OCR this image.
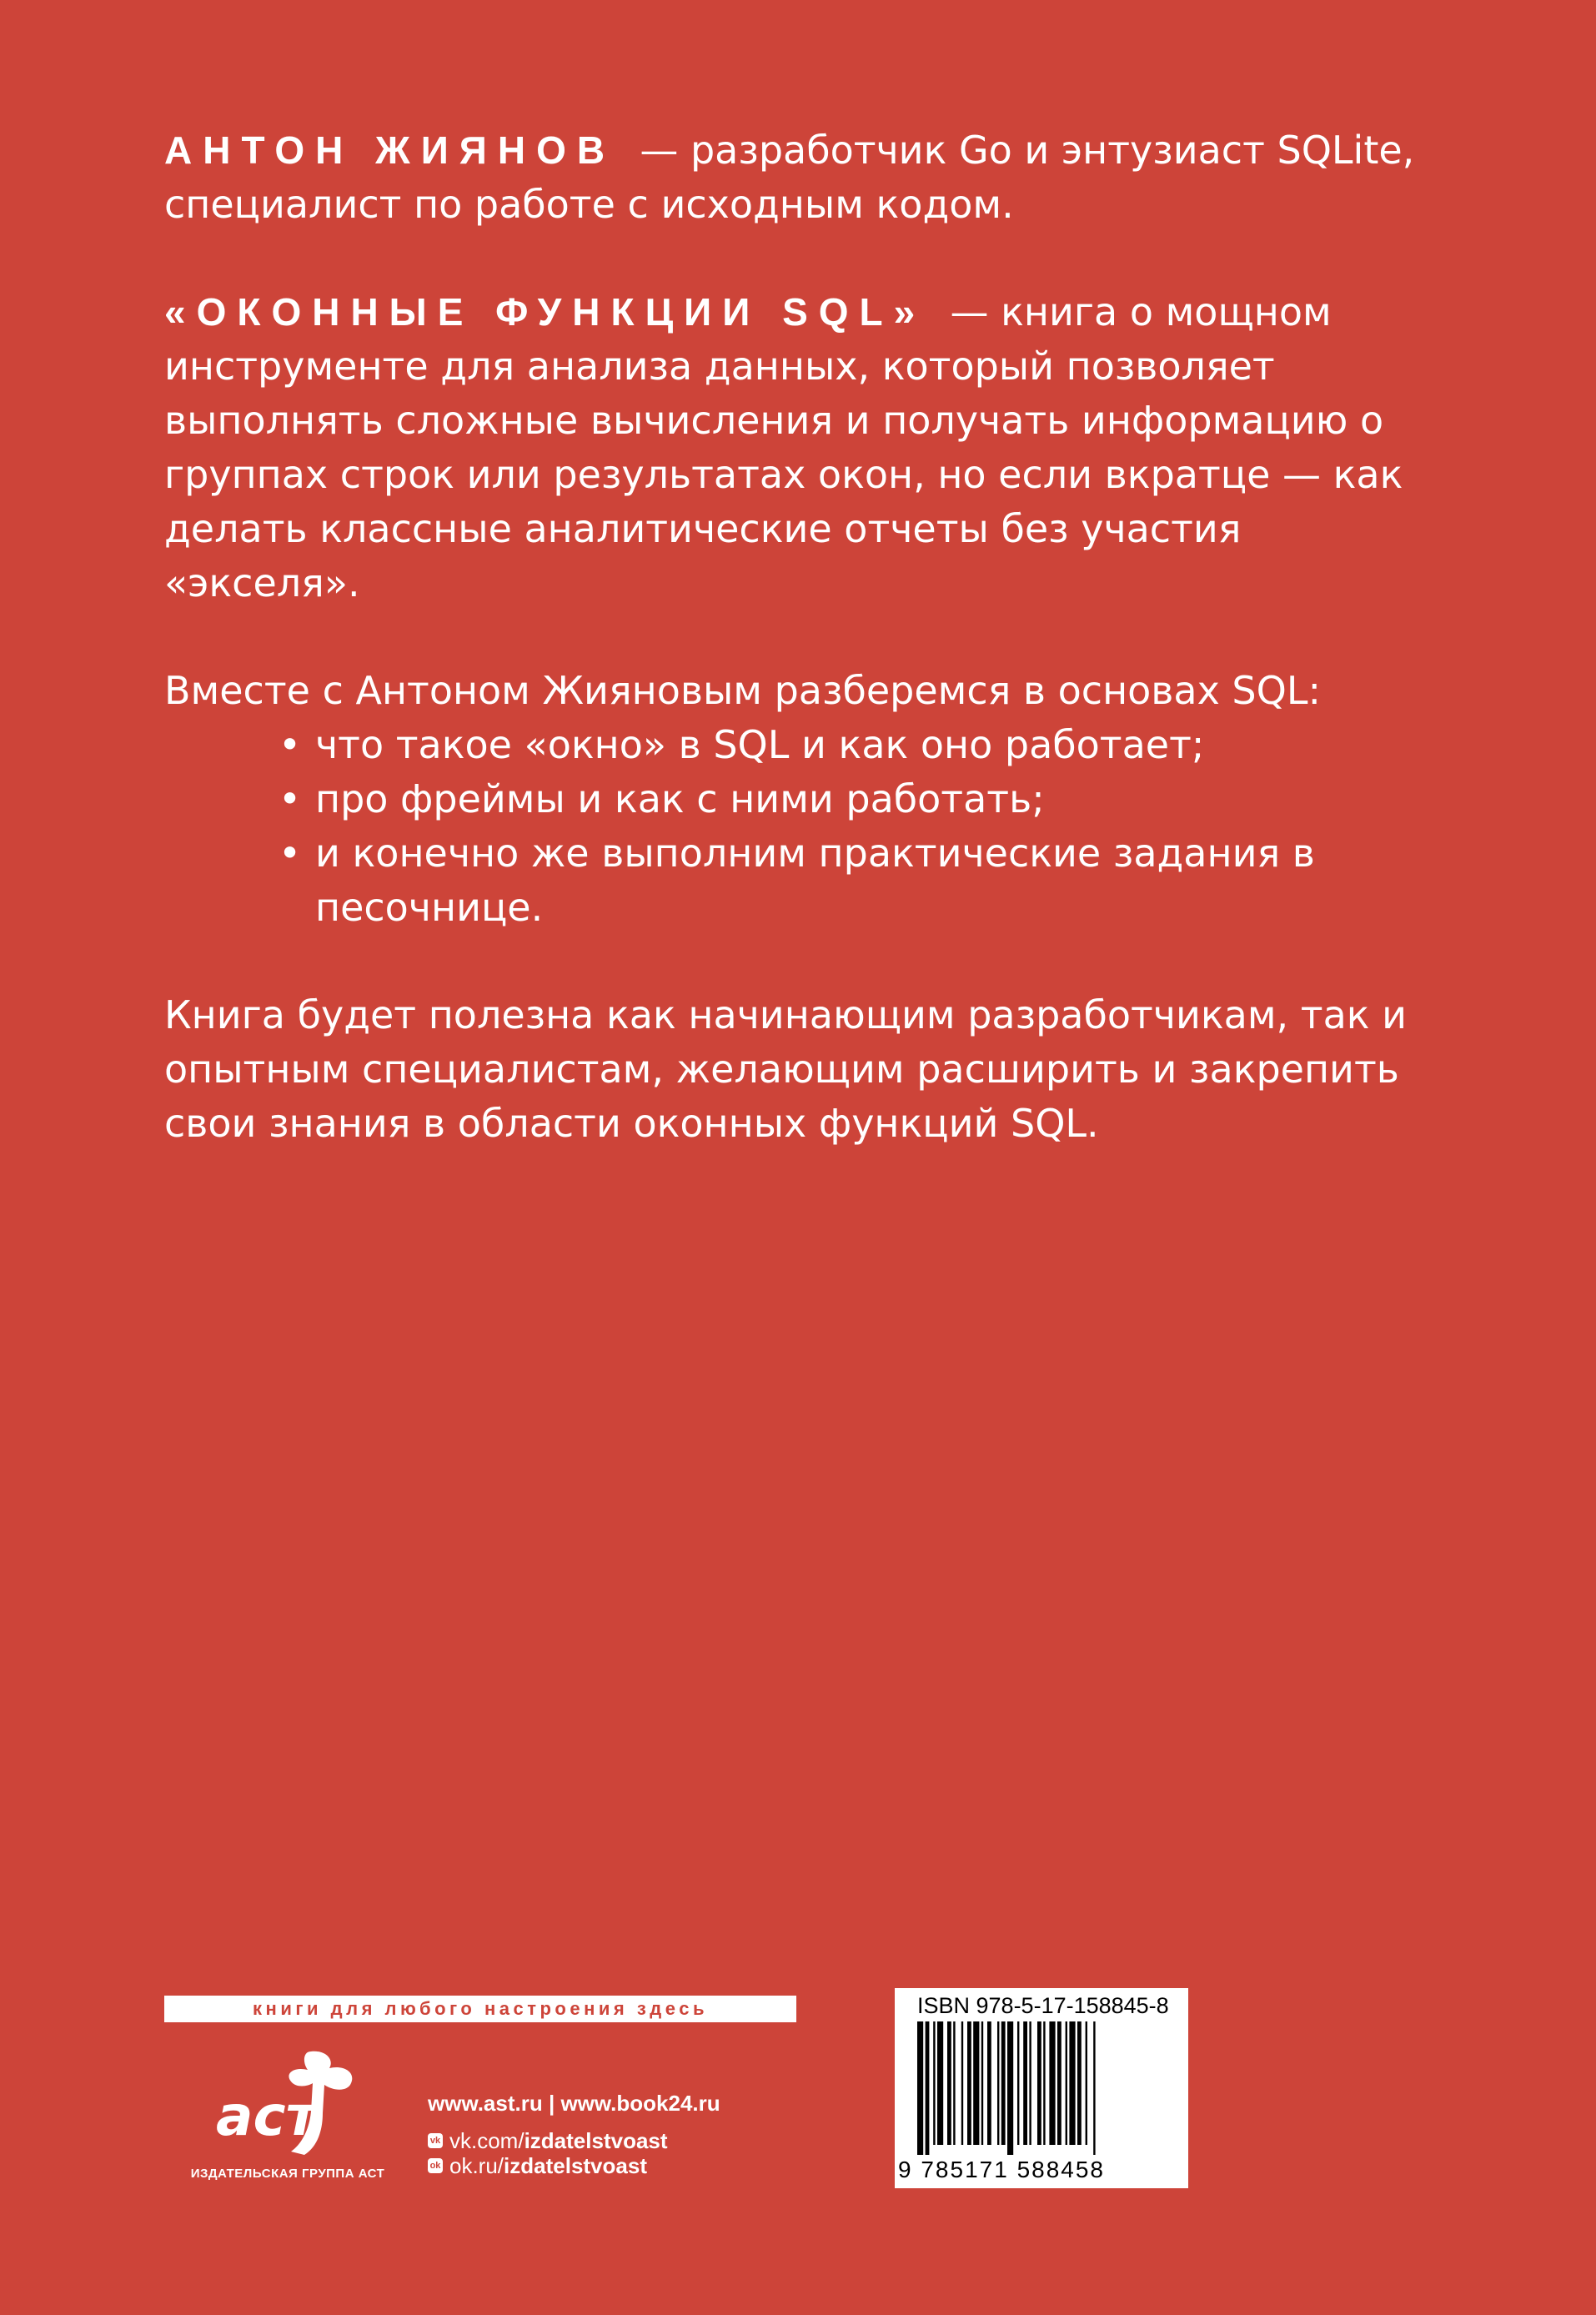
АНТОН ЖИЯНОВ — разработчик Go и энтузиаст SQLite, специалист по работе с исходным кодом.

«ОКОННЫЕ ФУНКЦИИ SQL» — книга о мощном инструменте для анализа данных, который позволяет выполнять сложные вычисления и получать информацию о группах строк или результатах окон, но если вкратце — как делать классные аналитические отчеты без участия «экселя».

Вместе с Антоном Жияновым разберемся в основах SQL:

• что такое «окно» в SQL и как оно работает;
• про фреймы и как с ними работать;
• и конечно же выполним практические задания в песочнице.

Книга будет полезна как начинающим разработчикам, так и опытным специалистам, желающим расширить и закрепить свои знания в области оконных функций SQL.

книги для любого настроения здесь
аст
ИЗДАТЕЛЬСКАЯ ГРУППА АСТ
www.ast.ru | www.book24.ru
vk vk.com/ izdatelstvoast
ok ok.ru/ izdatelstvoast
ISBN 978-5-17-158845-8
9 785171 588458
